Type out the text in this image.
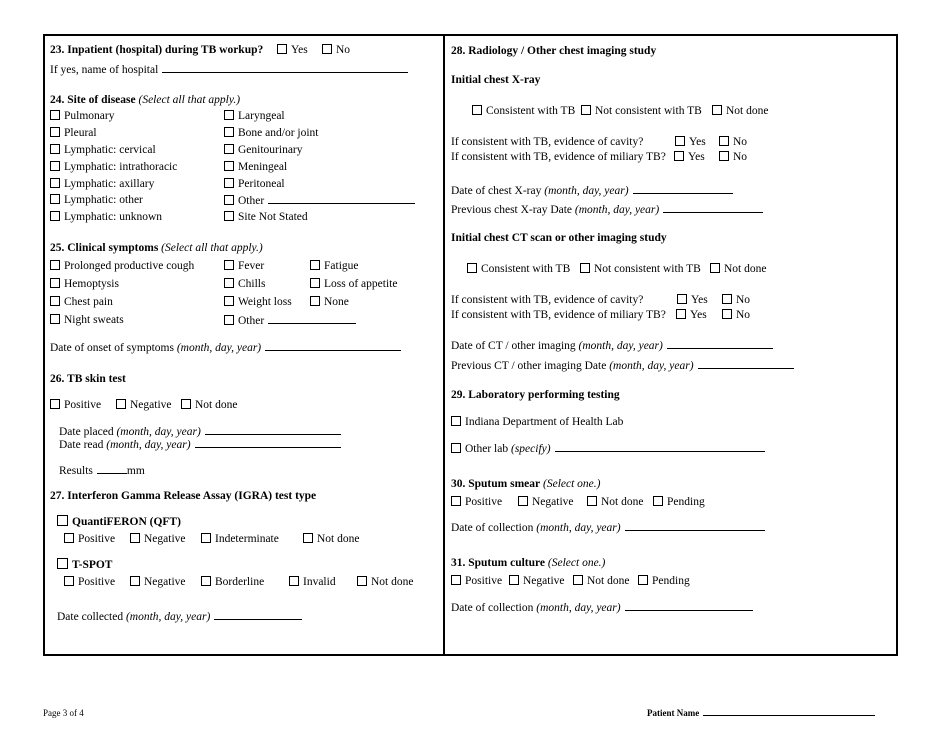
23. Inpatient (hospital) during TB workup?	Yes	No
If yes, name of hospital
24. Site of disease (Select all that apply.)
Pulmonary
Pleural
Lymphatic: cervical
Lymphatic: intrathoracic
Lymphatic: axillary
Lymphatic: other
Lymphatic: unknown
Laryngeal
Bone and/or joint
Genitourinary
Meningeal
Peritoneal
Other
Site Not Stated
25. Clinical symptoms (Select all that apply.)
Prolonged productive cough
Hemoptysis
Chest pain
Night sweats
Fever
Chills
Weight loss
Other
Fatigue
Loss of appetite
None
Date of onset of symptoms (month, day, year)
26. TB skin test
Positive	Negative	Not done
Date placed (month, day, year)
Date read (month, day, year)
Results	mm
27. Interferon Gamma Release Assay (IGRA) test type
QuantiFERON (QFT)
Positive	Negative	Indeterminate	Not done
T-SPOT
Positive	Negative	Borderline	Invalid	Not done
Date collected (month, day, year)
28. Radiology / Other chest imaging study
Initial chest X-ray
Consistent with TB	Not consistent with TB	Not done
If consistent with TB, evidence of cavity?	Yes	No
If consistent with TB, evidence of miliary TB?	Yes	No
Date of chest X-ray (month, day, year)
Previous chest X-ray Date (month, day, year)
Initial chest CT scan or other imaging study
Consistent with TB	Not consistent with TB	Not done
If consistent with TB, evidence of cavity?	Yes	No
If consistent with TB, evidence of miliary TB?	Yes	No
Date of CT / other imaging (month, day, year)
Previous CT / other imaging Date (month, day, year)
29. Laboratory performing testing
Indiana Department of Health Lab
Other lab (specify)
30. Sputum smear (Select one.)
Positive	Negative	Not done	Pending
Date of collection (month, day, year)
31. Sputum culture (Select one.)
Positive	Negative	Not done	Pending
Date of collection (month, day, year)
Page 3 of 4	Patient Name
